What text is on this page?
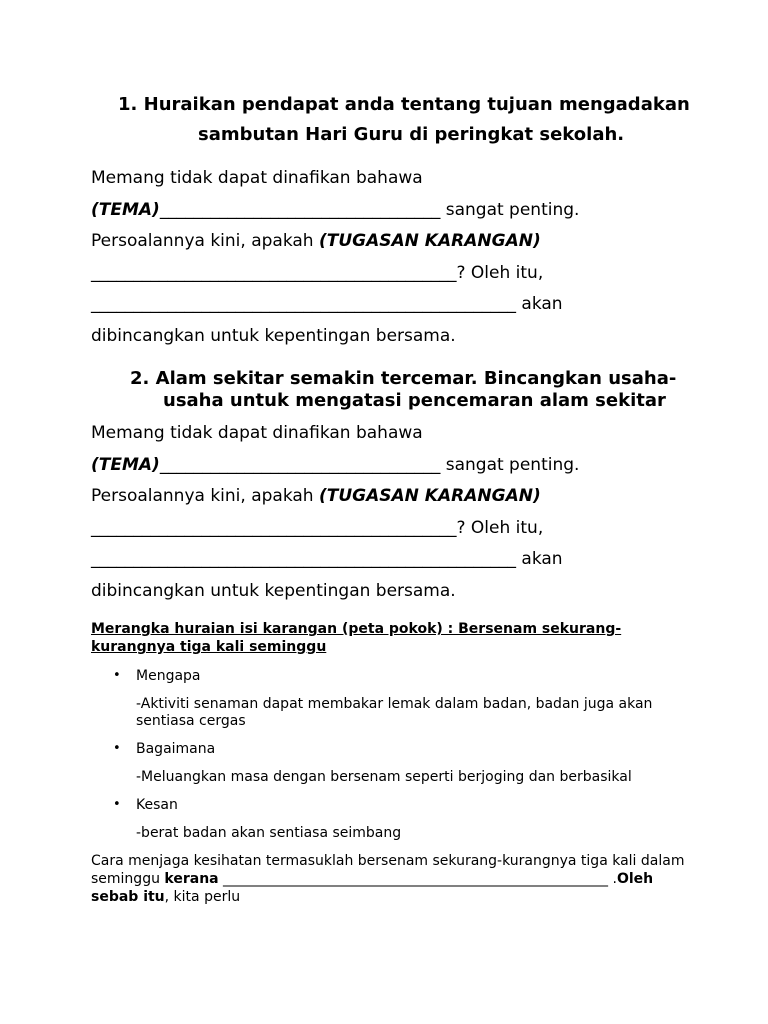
1. Huraikan pendapat anda tentang tujuan mengadakan
sambutan Hari Guru di peringkat sekolah.
Memang tidak dapat dinafikan bahawa
(TEMA)_________________________________ sangat penting.
Persoalannya kini, apakah (TUGASAN KARANGAN)
___________________________________________? Oleh itu,
__________________________________________________ akan
dibincangkan untuk kepentingan bersama.
2. Alam sekitar semakin tercemar. Bincangkan usaha-
usaha untuk mengatasi pencemaran alam sekitar
Memang tidak dapat dinafikan bahawa
(TEMA)_________________________________ sangat penting.
Persoalannya kini, apakah (TUGASAN KARANGAN)
___________________________________________? Oleh itu,
__________________________________________________ akan
dibincangkan untuk kepentingan bersama.
Merangka huraian isi karangan (peta pokok) : Bersenam sekurang-
kurangnya tiga kali seminggu
• Mengapa
-Aktiviti senaman dapat membakar lemak dalam badan, badan juga akan
sentiasa cergas
• Bagaimana
-Meluangkan masa dengan bersenam seperti berjoging dan berbasikal
• Kesan
-berat badan akan sentiasa seimbang
Cara menjaga kesihatan termasuklah bersenam sekurang-kurangnya tiga kali dalam
seminggu kerana _______________________________________________________ .Oleh
sebab itu, kita perlu
